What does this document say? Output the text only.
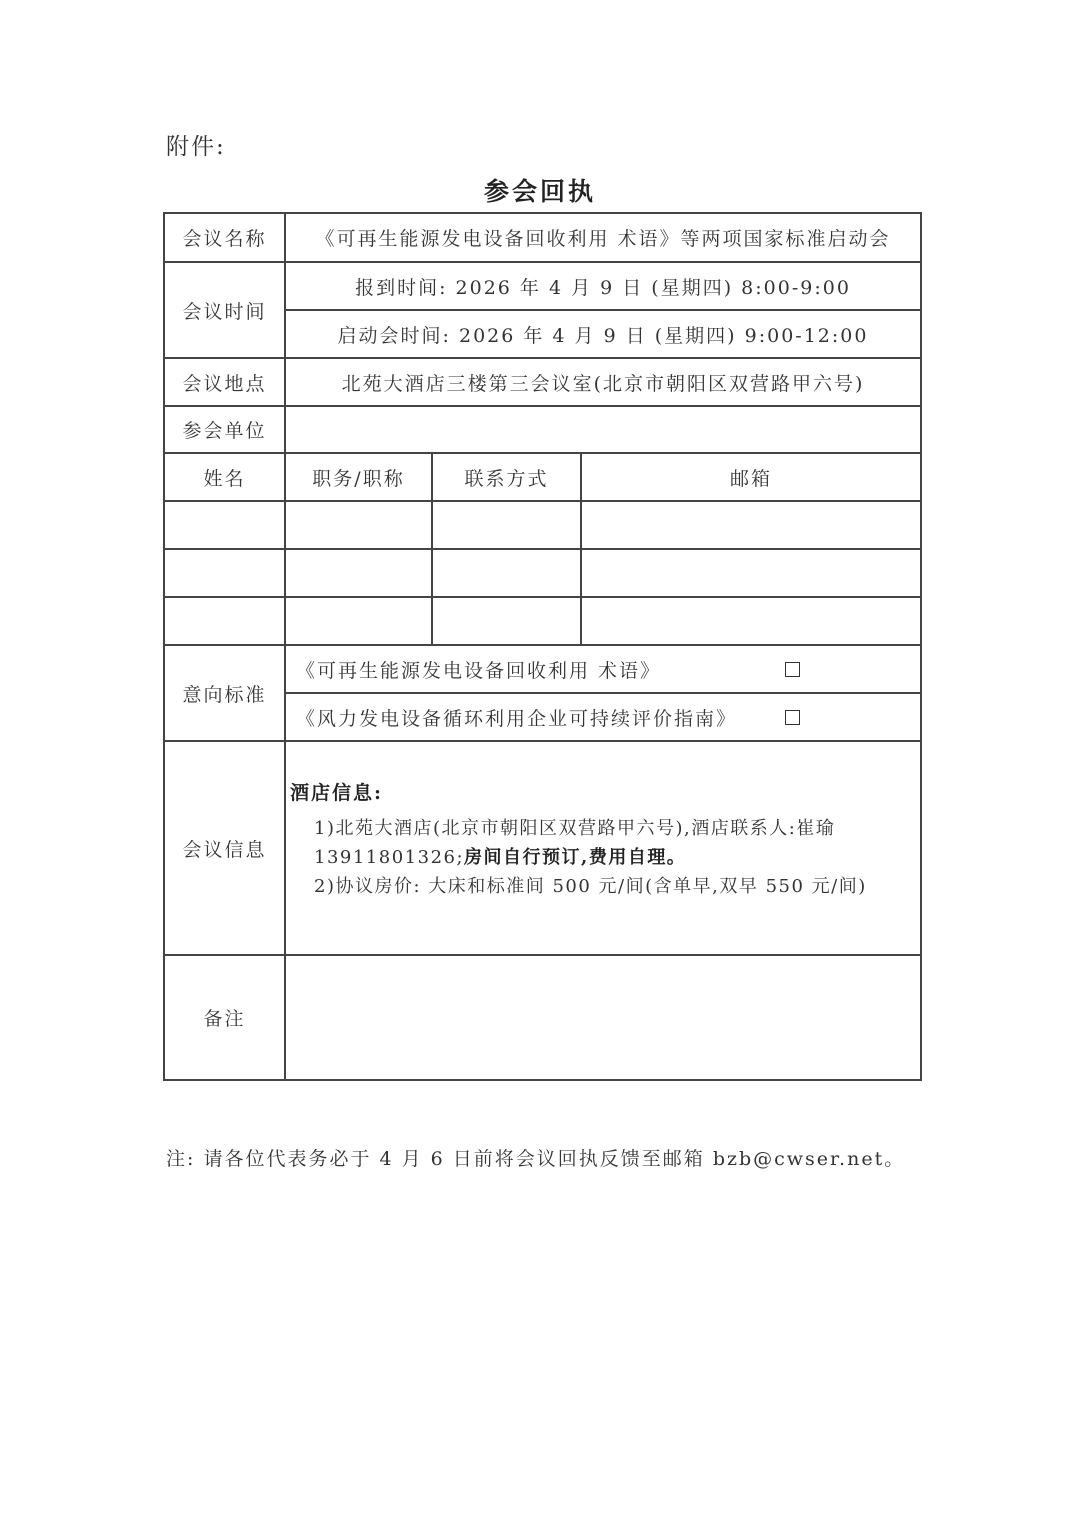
附件:
参会回执
会议名称	《可再生能源发电设备回收利用 术语》等两项国家标准启动会		
会议时间	报到时间: 2026 年 4 月 9 日 (星期四) 8:00-9:00		
	启动会时间: 2026 年 4 月 9 日 (星期四) 9:00-12:00		
会议地点	北苑大酒店三楼第三会议室(北京市朝阳区双营路甲六号)		
参会单位			
姓名	职务/职称	联系方式	邮箱

意向标准	《可再生能源发电设备回收利用 术语》		

	《风力发电设备循环利用企业可持续评价指南》		

会议信息	酒店信息:
1)北苑大酒店(北京市朝阳区双营路甲六号),酒店联系人:崔瑜 13911801326;房间自行预订,费用自理。
2)协议房价: 大床和标准间 500 元/间(含单早,双早 550 元/间)		

备注			
注: 请各位代表务必于 4 月 6 日前将会议回执反馈至邮箱 bzb@cwser.net。
